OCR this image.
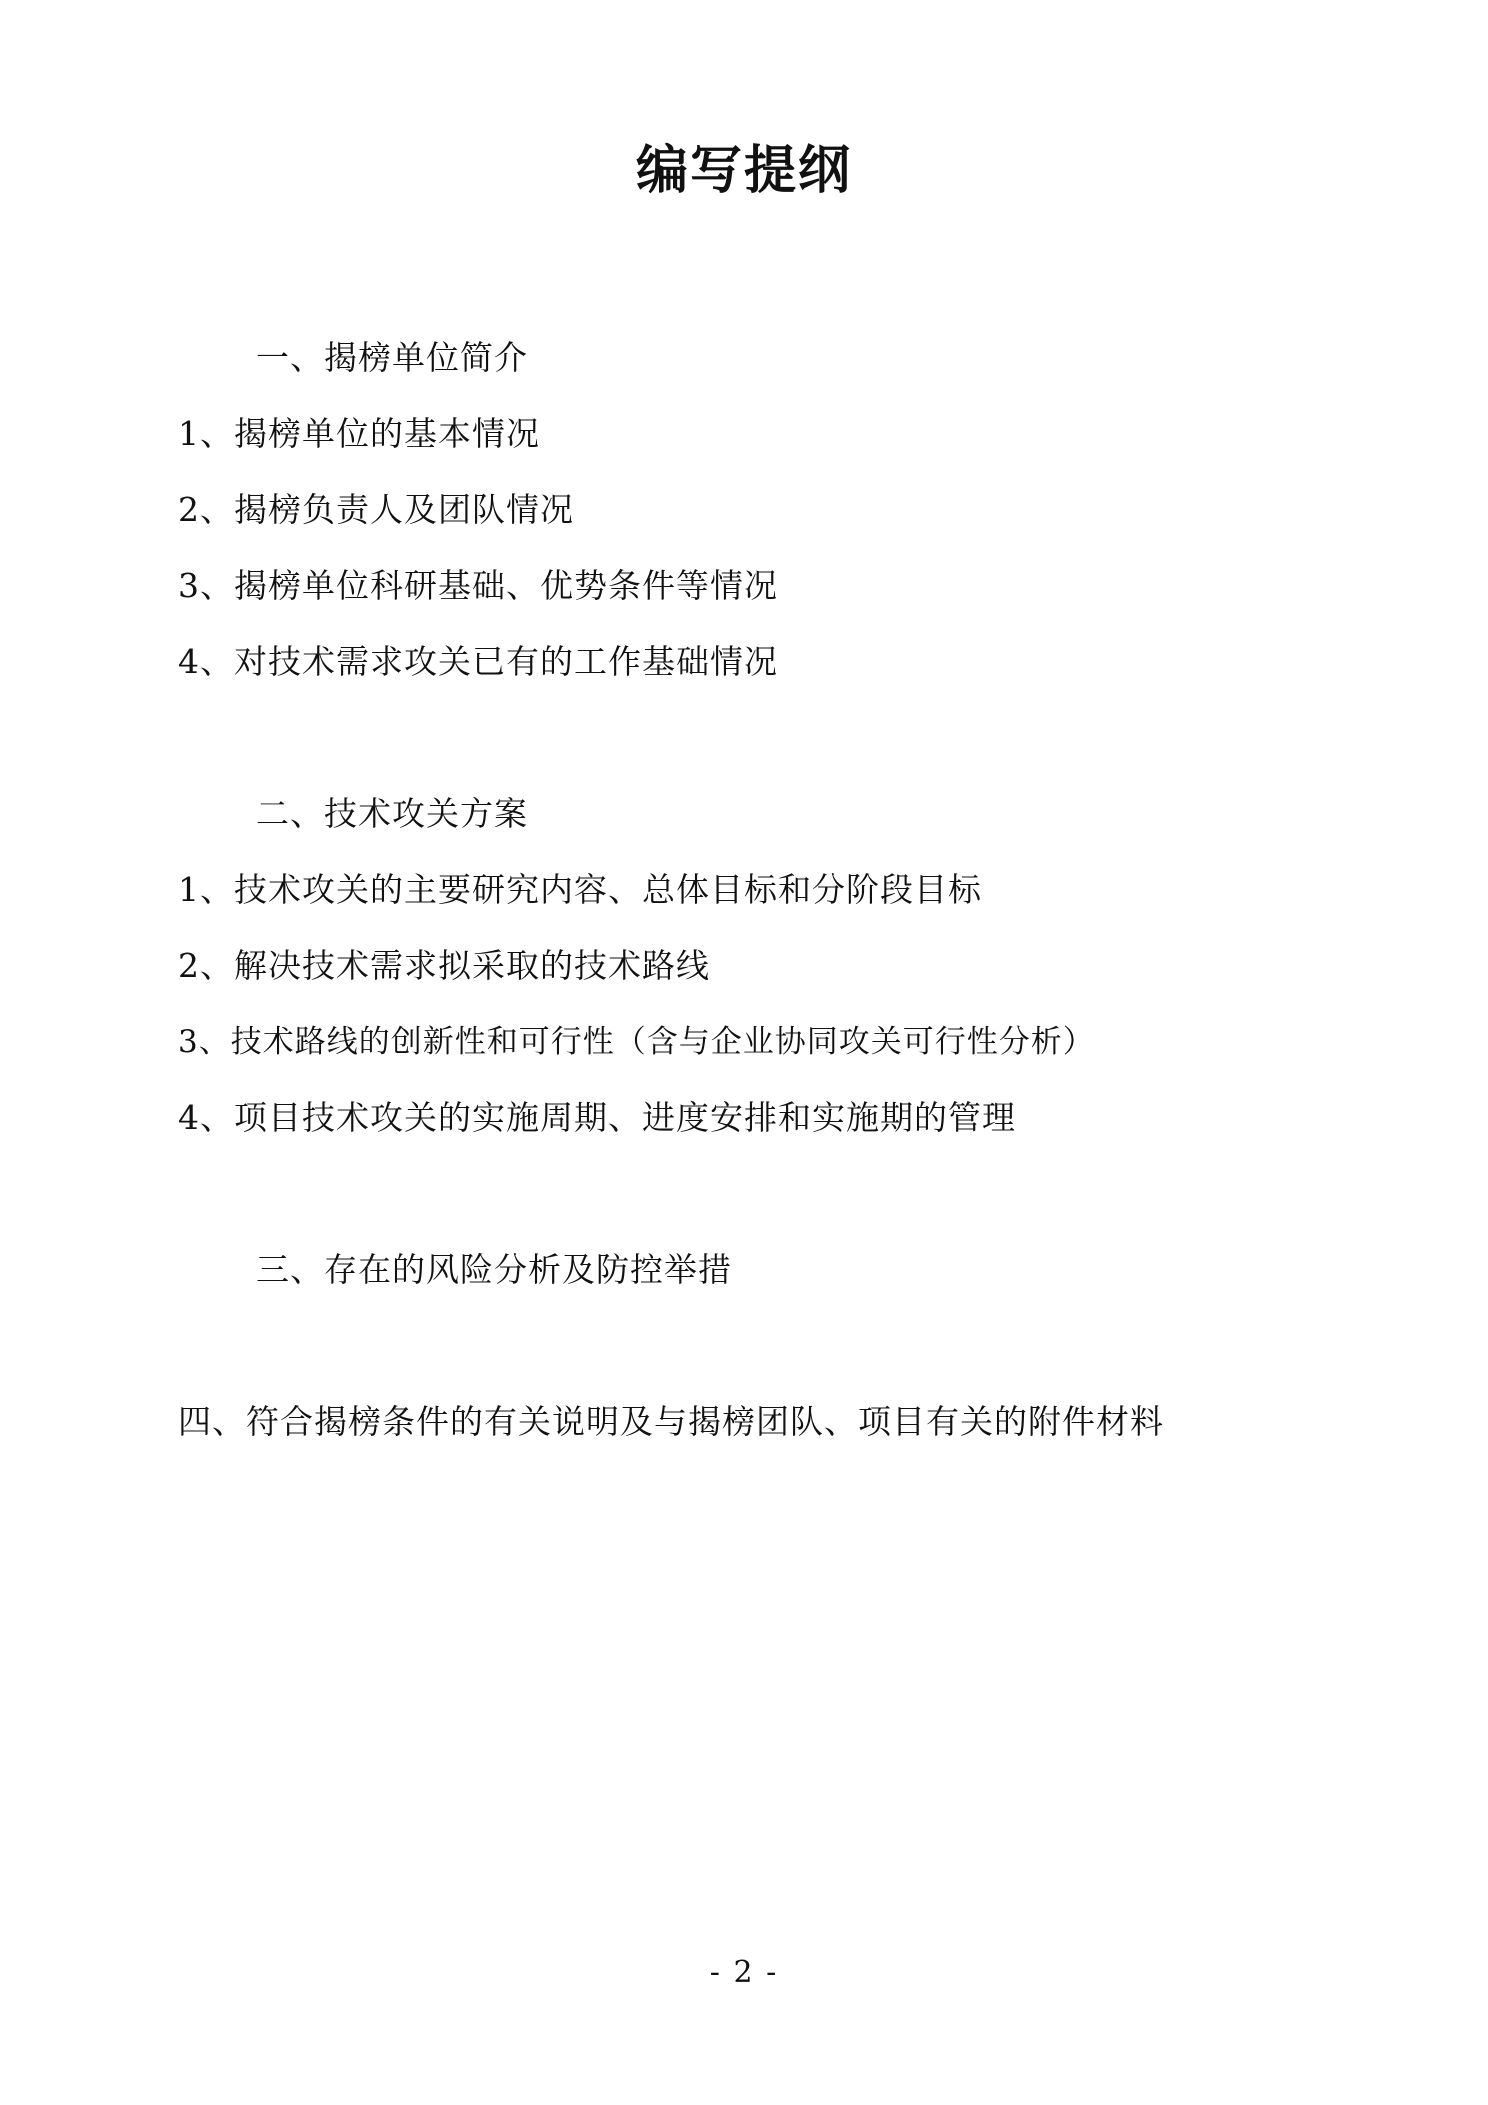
编写提纲
一、揭榜单位简介
1、揭榜单位的基本情况
2、揭榜负责人及团队情况
3、揭榜单位科研基础、优势条件等情况
4、对技术需求攻关已有的工作基础情况
二、技术攻关方案
1、技术攻关的主要研究内容、总体目标和分阶段目标
2、解决技术需求拟采取的技术路线
3、技术路线的创新性和可行性（含与企业协同攻关可行性分析）
4、项目技术攻关的实施周期、进度安排和实施期的管理
三、存在的风险分析及防控举措
四、符合揭榜条件的有关说明及与揭榜团队、项目有关的附件材料
- 2 -
